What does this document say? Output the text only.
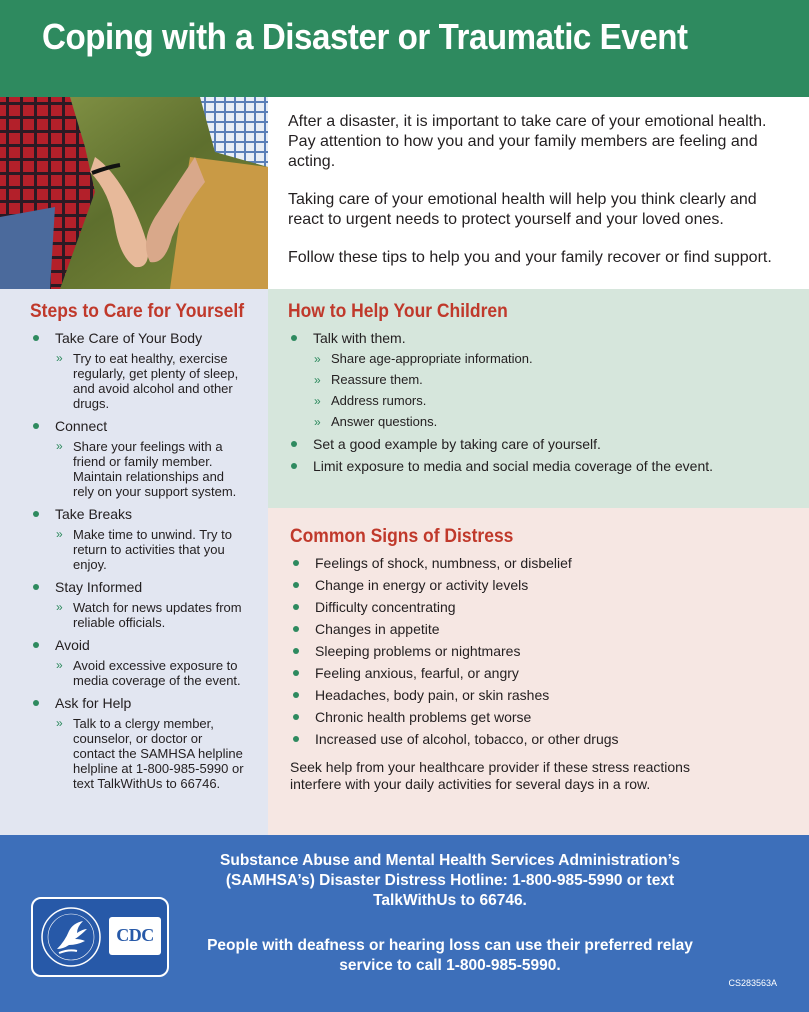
Coping with a Disaster or Traumatic Event

After a disaster, it is important to take care of your emotional health. Pay attention to how you and your family members are feeling and acting.

Taking care of your emotional health will help you think clearly and react to urgent needs to protect yourself and your loved ones.

Follow these tips to help you and your family recover or find support.

Steps to Care for Yourself
Take Care of Your Body
» Try to eat healthy, exercise regularly, get plenty of sleep, and avoid alcohol and other drugs.
Connect
» Share your feelings with a friend or family member. Maintain relationships and rely on your support system.
Take Breaks
» Make time to unwind. Try to return to activities that you enjoy.
Stay Informed
» Watch for news updates from reliable officials.
Avoid
» Avoid excessive exposure to media coverage of the event.
Ask for Help
» Talk to a clergy member, counselor, or doctor or contact the SAMHSA helpline helpline at 1-800-985-5990 or text TalkWithUs to 66746.
How to Help Your Children
Talk with them.
» Share age-appropriate information.
» Reassure them.
» Address rumors.
» Answer questions.
Set a good example by taking care of yourself.
Limit exposure to media and social media coverage of the event.
Common Signs of Distress
Feelings of shock, numbness, or disbelief
Change in energy or activity levels
Difficulty concentrating
Changes in appetite
Sleeping problems or nightmares
Feeling anxious, fearful, or angry
Headaches, body pain, or skin rashes
Chronic health problems get worse
Increased use of alcohol, tobacco, or other drugs

Seek help from your healthcare provider if these stress reactions interfere with your daily activities for several days in a row.

CDC
Substance Abuse and Mental Health Services Administration’s (SAMHSA’s) Disaster Distress Hotline: 1-800-985-5990 or text TalkWithUs to 66746.
People with deafness or hearing loss can use their preferred relay service to call 1-800-985-5990.
CS283563A
